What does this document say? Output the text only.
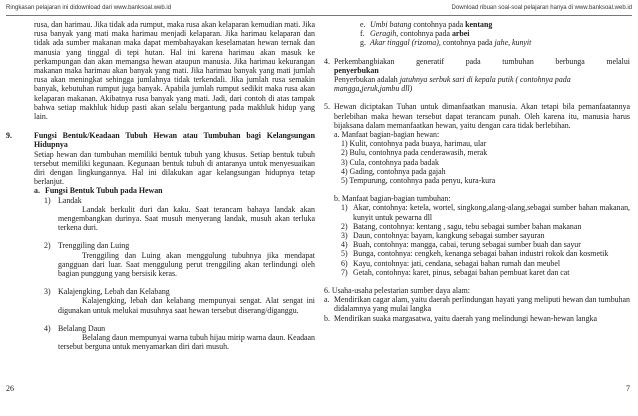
Ringkasan pelajaran ini didownload dari www.banksoal.web.id	Download ribuan soal-soal pelajaran hanya di www.banksoal.web.id

rusa, dan harimau. Jika tidak ada rumput, maka rusa akan kelaparan kemudian mati. Jika rusa banyak yang mati maka harimau menjadi kelaparan. Jika harimau kelaparan dan tidak ada sumber makanan maka dapat membahayakan keselamatan hewan ternak dan manusia yang tinggal di tepi hutan. Hal ini karena harimau akan masuk ke perkampungan dan akan memangsa hewan ataupun manusia. Jika harimau kekurangan makanan maka harimau akan banyak yang mati. Jika harimau banyak yang mati jumlah rusa akan meningkat sehingga jumlahnya tidak terkendali. Jika jumlah rusa semakin banyak, kebutuhan rumput juga banyak. Apabila jumlah rumput sedikit maka rusa akan kelaparan makanan. Akibatnya rusa banyak yang mati. Jadi, dari contoh di atas tampak bahwa setiap makhluk hidup pasti akan selalu bergantung pada makhluk hidup yang lain.

9.	Fungsi Bentuk/Keadaan Tubuh Hewan atau Tumbuhan bagi Kelangsungan Hidupnya
Setiap hewan dan tumbuhan memiliki bentuk tubuh yang khusus. Setiap bentuk tubuh tersebut memiliki kegunaan. Kegunaan bentuk tubuh di antaranya untuk menyesuaikan diri dengan lingkungannya. Hal ini dilakukan agar kelangsungan hidupnya tetap berlanjut.
a. Fungsi Bentuk Tubuh pada Hewan
1) Landak
Landak berkulit duri dan kaku. Saat terancam bahaya landak akan mengembangkan durinya. Saat musuh menyerang landak, musuh akan terluka terkena duri.
2) Trenggiling dan Luing
Trenggiling dan Luing akan menggulung tubuhnya jika mendapat gangguan dari luar. Saat menggulung perut trenggiling akan terlindungi oleh bagian punggung yang bersisik keras.
3) Kalajengking, Lebah dan Kelabang
Kalajengking, lebah dan kelabang mempunyai sengat. Alat sengat ini digunakan untuk melukai musuhnya saat hewan tersebut diserang/diganggu.
4) Belalang Daun
Belalang daun mempunyai warna tubuh hijau mirip warna daun. Keadaan tersebut berguna untuk menyamarkan diri dari musuh.
26
e. Umbi batang contohnya pada kentang
f. Geragih, contohnya pada arbei
g. Akar tinggal (rizoma), contohnya pada jahe, kunyit
4. Perkembangbiakan generatif pada tumbuhan berbunga melalui
penyerbukan
Penyerbukan adalah jatuhnya serbuk sari di kepala putik ( contohnya pada mangga,jeruk,jambu dll)
5. Hewan diciptakan Tuhan untuk dimanfaatkan manusia. Akan tetapi bila pemanfaatannya berlebihan maka hewan tersebut dapat terancam punah. Oleh karena itu, manusia harus bijaksana dalam memanfaatkan hewan, yaitu dengan cara tidak berlebihan.
a. Manfaat bagian-bagian hewan:
1) Kulit, contohnya pada buaya, harimau, ular
2) Bulu, contohnya pada cenderawasih, merak
3) Cula, contohnya pada badak
4) Gading, contohnya pada gajah
5) Tempurung, contohnya pada penyu, kura-kura
b. Manfaat bagian-bagian tumbuhan:
1) Akar, contohnya: ketela, wortel, singkong,alang-alang,sebagai sumber bahan makanan, kunyit untuk pewarna dll
2) Batang, contohnya: kentang , sagu, tebu sebagai sumber bahan makanan
3) Daun, contohnya: bayam, kangkung sebagai sumber sayuran
4) Buah, contohnya: mangga, cabai, terung sebagai sumber buah dan sayur
5) Bunga, contohnya: cengkeh, kenanga sebagai bahan industri rokok dan kosmetik
6) Kayu, contohnya: jati, cendana, sebagai bahan rumah dan meubel
7) Getah, contohnya: karet, pinus, sebagai bahan pembuat karet dan cat
6. Usaha-usaha pelestarian sumber daya alam:
a. Mendirikan cagar alam, yaitu daerah perlindungan hayati yang meliputi hewan dan tumbuhan didalamnya yang mulai langka
b. Mendirikan suaka margasatwa, yaitu daerah yang melindungi hewan-hewan langka
7
